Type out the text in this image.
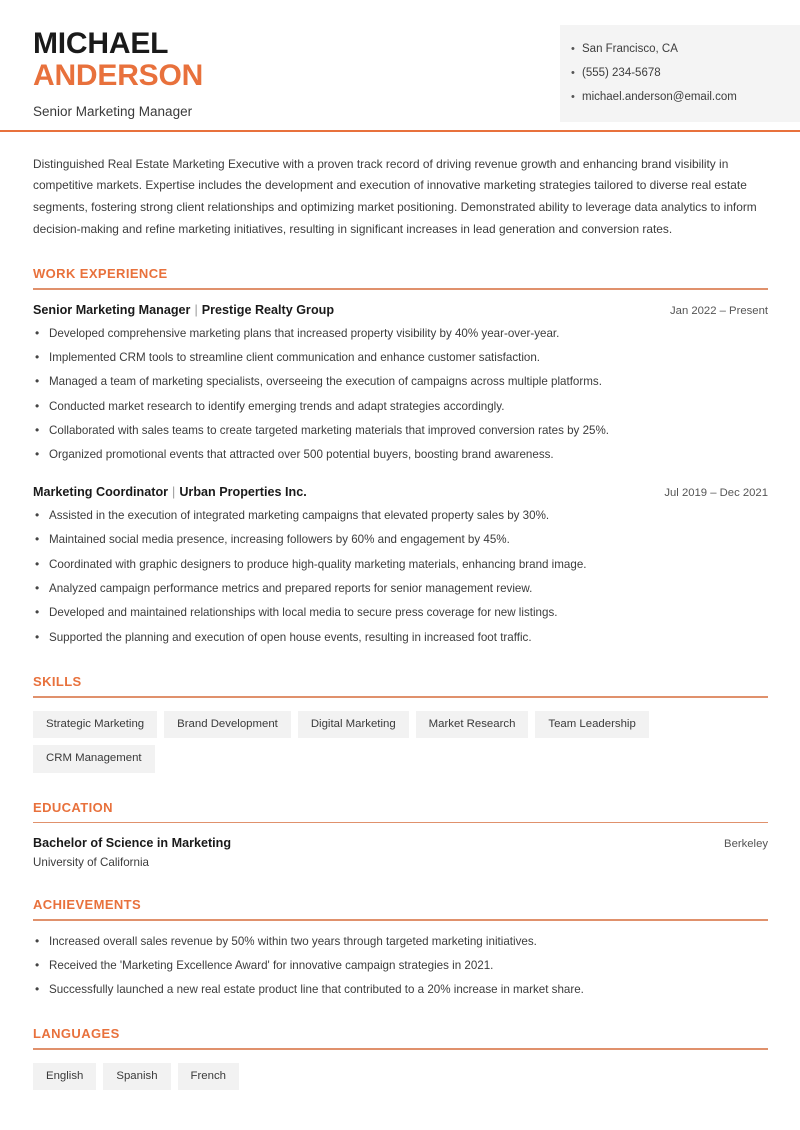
MICHAEL
ANDERSON
Senior Marketing Manager
• San Francisco, CA
• (555) 234-5678
• michael.anderson@email.com

Distinguished Real Estate Marketing Executive with a proven track record of driving revenue growth and enhancing brand visibility in competitive markets. Expertise includes the development and execution of innovative marketing strategies tailored to diverse real estate segments, fostering strong client relationships and optimizing market positioning. Demonstrated ability to leverage data analytics to inform decision-making and refine marketing initiatives, resulting in significant increases in lead generation and conversion rates.

WORK EXPERIENCE
Senior Marketing Manager | Prestige Realty Group	Jan 2022 – Present
• Developed comprehensive marketing plans that increased property visibility by 40% year-over-year.
• Implemented CRM tools to streamline client communication and enhance customer satisfaction.
• Managed a team of marketing specialists, overseeing the execution of campaigns across multiple platforms.
• Conducted market research to identify emerging trends and adapt strategies accordingly.
• Collaborated with sales teams to create targeted marketing materials that improved conversion rates by 25%.
• Organized promotional events that attracted over 500 potential buyers, boosting brand awareness.
Marketing Coordinator | Urban Properties Inc.	Jul 2019 – Dec 2021
• Assisted in the execution of integrated marketing campaigns that elevated property sales by 30%.
• Maintained social media presence, increasing followers by 60% and engagement by 45%.
• Coordinated with graphic designers to produce high-quality marketing materials, enhancing brand image.
• Analyzed campaign performance metrics and prepared reports for senior management review.
• Developed and maintained relationships with local media to secure press coverage for new listings.
• Supported the planning and execution of open house events, resulting in increased foot traffic.
SKILLS
Strategic Marketing	Brand Development	Digital Marketing	Market Research	Team Leadership
CRM Management
EDUCATION
Bachelor of Science in Marketing	Berkeley
University of California
ACHIEVEMENTS
• Increased overall sales revenue by 50% within two years through targeted marketing initiatives.
• Received the 'Marketing Excellence Award' for innovative campaign strategies in 2021.
• Successfully launched a new real estate product line that contributed to a 20% increase in market share.
LANGUAGES
English	Spanish	French
